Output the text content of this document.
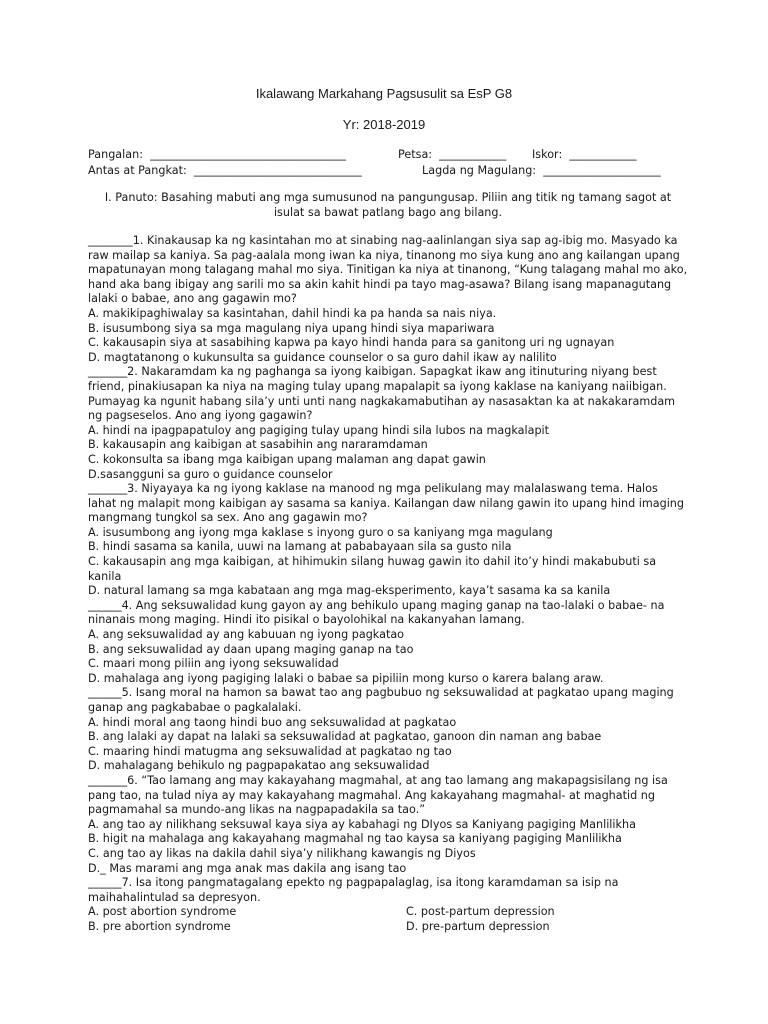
Ikalawang Markahang Pagsusulit sa EsP G8
Yr: 2018-2019
Pangalan:  ___________________________________	Petsa:  ____________ Iskor:  ____________
Antas at Pangkat:  ______________________________	Lagda ng Magulang:  _____________________
I. Panuto: Basahing mabuti ang mga sumusunod na pangungusap. Piliin ang titik ng tamang sagot at
isulat sa bawat patlang bago ang bilang.

________1. Kinakausap ka ng kasintahan mo at sinabing nag-aalinlangan siya sap ag-ibig mo. Masyado ka raw mailap sa kaniya. Sa pag-aalala mong iwan ka niya, tinanong mo siya kung ano ang kailangan upang mapatunayan mong talagang mahal mo siya. Tinitigan ka niya at tinanong, “Kung talagang mahal mo ako, hand aka bang ibigay ang sarili mo sa akin kahit hindi pa tayo mag-asawa? Bilang isang mapanagutang lalaki o babae, ano ang gagawin mo?

A. makikipaghiwalay sa kasintahan, dahil hindi ka pa handa sa nais niya.

B. isusumbong siya sa mga magulang niya upang hindi siya mapariwara

C. kakausapin siya at sasabihing kapwa pa kayo hindi handa para sa ganitong uri ng ugnayan

D. magtatanong o kukunsulta sa guidance counselor o sa guro dahil ikaw ay nalilito

_______2. Nakaramdam ka ng paghanga sa iyong kaibigan. Sapagkat ikaw ang itinuturing niyang best friend, pinakiusapan ka niya na maging tulay upang mapalapit sa iyong kaklase na kaniyang naiibigan. Pumayag ka ngunit habang sila’y unti unti nang nagkakamabutihan ay nasasaktan ka at nakakaramdam ng pagseselos. Ano ang iyong gagawin?

A. hindi na ipagpapatuloy ang pagiging tulay upang hindi sila lubos na magkalapit

B. kakausapin ang kaibigan at sasabihin ang nararamdaman

C. kokonsulta sa ibang mga kaibigan upang malaman ang dapat gawin

D.sasangguni sa guro o guidance counselor

_______3. Niyayaya ka ng iyong kaklase na manood ng mga pelikulang may malalaswang tema. Halos lahat ng malapit mong kaibigan ay sasama sa kaniya. Kailangan daw nilang gawin ito upang hind imaging mangmang tungkol sa sex. Ano ang gagawin mo?

A. isusumbong ang iyong mga kaklase s inyong guro o sa kaniyang mga magulang

B. hindi sasama sa kanila, uuwi na lamang at pababayaan sila sa gusto nila

C. kakausapin ang mga kaibigan, at hihimukin silang huwag gawin ito dahil ito’y hindi makabubuti sa kanila

D. natural lamang sa mga kabataan ang mga mag-eksperimento, kaya’t sasama ka sa kanila

______4. Ang seksuwalidad kung gayon ay ang behikulo upang maging ganap na tao-lalaki o babae- na ninanais mong maging. Hindi ito pisikal o bayolohikal na kakanyahan lamang.

A. ang seksuwalidad ay ang kabuuan ng iyong pagkatao

B. ang seksuwalidad ay daan upang maging ganap na tao

C. maari mong piliin ang iyong seksuwalidad

D. mahalaga ang iyong pagiging lalaki o babae sa pipiliin mong kurso o karera balang araw.

______5. Isang moral na hamon sa bawat tao ang pagbubuo ng seksuwalidad at pagkatao upang maging ganap ang pagkababae o pagkalalaki.

A. hindi moral ang taong hindi buo ang seksuwalidad at pagkatao

B. ang lalaki ay dapat na lalaki sa seksuwalidad at pagkatao, ganoon din naman ang babae

C. maaring hindi matugma ang seksuwalidad at pagkatao ng tao

D. mahalagang behikulo ng pagpapakatao ang seksuwalidad

_______6. “Tao lamang ang may kakayahang magmahal, at ang tao lamang ang makapagsisilang ng isa pang tao, na tulad niya ay may kakayahang magmahal. Ang kakayahang magmahal- at maghatid ng pagmamahal sa mundo-ang likas na nagpapadakila sa tao.”

A. ang tao ay nilikhang seksuwal kaya siya ay kabahagi ng DIyos sa Kaniyang pagiging Manlilikha

B. higit na mahalaga ang kakayahang magmahal ng tao kaysa sa kaniyang pagiging Manlilikha

C. ang tao ay likas na dakila dahil siya’y nilikhang kawangis ng Diyos

D._ Mas marami ang mga anak mas dakila ang isang tao

______7. Isa itong pangmatagalang epekto ng pagpapalaglag, isa itong karamdaman sa isip na maihahalintulad sa depresyon.

A. post abortion syndrome	C. post-partum depression
B. pre abortion syndrome	D. pre-partum depression
